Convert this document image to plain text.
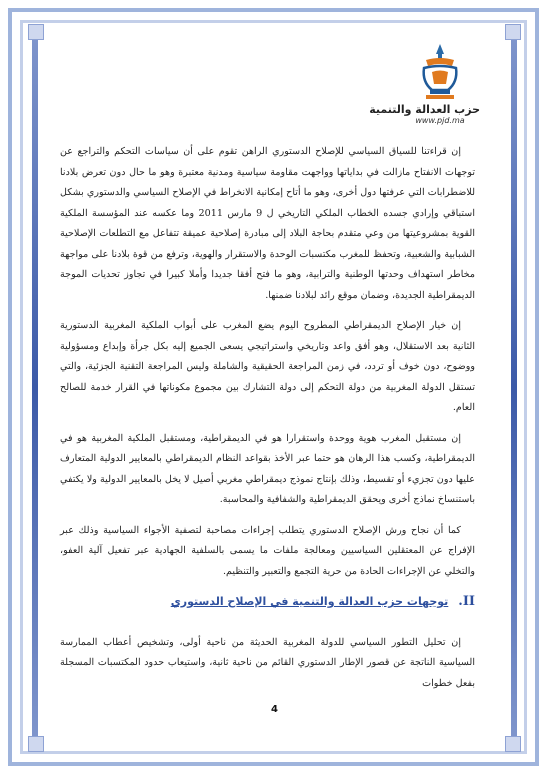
حزب العدالة والتنمية
www.pjd.ma

إن قراءتنا للسياق السياسي للإصلاح الدستوري الراهن تقوم على أن سياسات التحكم والتراجع عن توجهات الانفتاح مازالت في بداياتها وواجهت مقاومة سياسية ومدنية معتبرة وهو ما حال دون تعرض بلادنا للاضطرابات التي عرفتها دول أخرى، وهو ما أتاح إمكانية الانخراط في الإصلاح السياسي والدستوري بشكل استباقي وإرادي جسده الخطاب الملكي التاريخي ل 9 مارس 2011 وما عكسه عند المؤسسة الملكية القوية بمشروعيتها من وعي متقدم بحاجة البلاد إلى مبادرة إصلاحية عميقة تتفاعل مع التطلعات الإصلاحية الشبابية والشعبية، وتحفظ للمغرب مكتسبات الوحدة والاستقرار والهوية، وترفع من قوة بلادنا على مواجهة مخاطر استهداف وحدتها الوطنية والترابية، وهو ما فتح أفقا جديدا وأملا كبيرا في تجاوز تحديات الموجة الديمقراطية الجديدة، وضمان موقع رائد لبلادنا ضمنها.

إن خيار الإصلاح الديمقراطي المطروح اليوم يضع المغرب على أبواب الملكية المغربية الدستورية الثانية بعد الاستقلال، وهو أفق واعد وتاريخي واستراتيجي يسعى الجميع إليه بكل جرأة وإبداع ومسؤولية ووضوح، دون خوف أو تردد، في زمن المراجعة الحقيقية والشاملة وليس المراجعة التقنية الجزئية، والتي تستقل الدولة المغربية من دولة التحكم إلى دولة التشارك بين مجموع مكوناتها في القرار خدمة للصالح العام.

إن مستقبل المغرب هوية ووحدة واستقرارا هو في الديمقراطية، ومستقبل الملكية المغربية هو في الديمقراطية، وكسب هذا الرهان هو حتما عبر الأخذ بقواعد النظام الديمقراطي بالمعايير الدولية المتعارف عليها دون تجزيء أو تقسيط، وذلك بإنتاج نموذج ديمقراطي مغربي أصيل لا يخل بالمعايير الدولية ولا يكتفي باستنساخ نماذج أخرى ويحقق الديمقراطية والشفافية والمحاسبة.

كما أن نجاح ورش الإصلاح الدستوري يتطلب إجراءات مصاحبة لتصفية الأجواء السياسية وذلك عبر الإفراج عن المعتقلين السياسيين ومعالجة ملفات ما يسمى بالسلفية الجهادية عبر تفعيل آلية العفو، والتخلي عن الإجراءات الحادة من حرية التجمع والتعبير والتنظيم.

II.
توجهات حزب العدالة والتنمية في الإصلاح الدستوري

إن تحليل التطور السياسي للدولة المغربية الحديثة من ناحية أولى، وتشخيص أعطاب الممارسة السياسية الناتجة عن قصور الإطار الدستوري القائم من ناحية ثانية، واستيعاب حدود المكتسبات المسجلة بفعل خطوات

4
